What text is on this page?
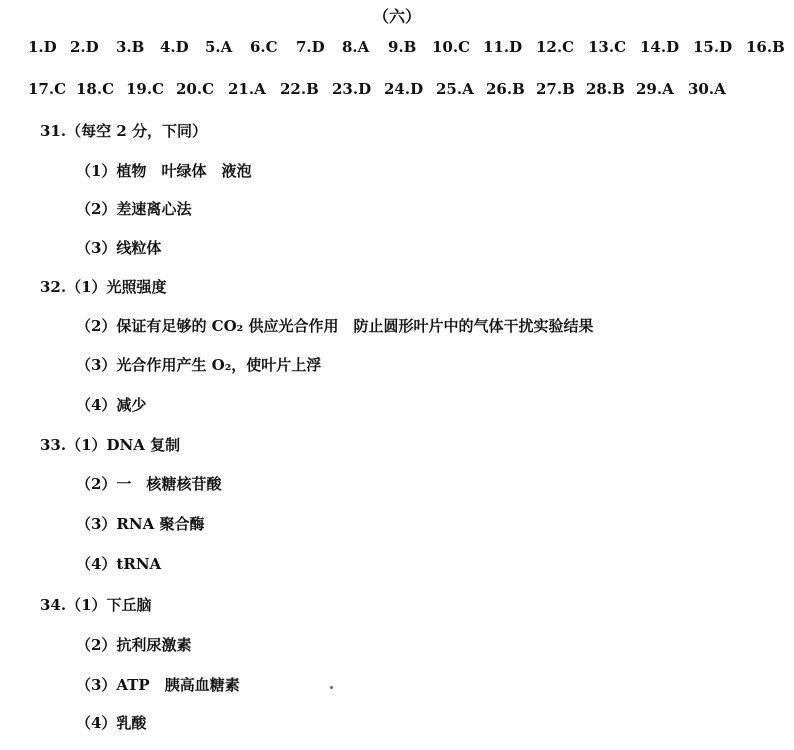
（六）
1.D 2.D 3.B 4.D 5.A 6.C 7.D 8.A 9.B 10.C 11.D 12.C 13.C 14.D 15.D 16.B
17.C 18.C 19.C 20.C 21.A 22.B 23.D 24.D 25.A 26.B 27.B 28.B 29.A 30.A
31.（每空 2 分，下同）
（1）植物　叶绿体　液泡
（2）差速离心法
（3）线粒体
32.（1）光照强度
（2）保证有足够的 CO₂ 供应光合作用　防止圆形叶片中的气体干扰实验结果
（3）光合作用产生 O₂，使叶片上浮
（4）减少
33.（1）DNA 复制
（2）一　核糖核苷酸
（3）RNA 聚合酶
（4）tRNA
34.（1）下丘脑
（2）抗利尿激素
（3）ATP　胰高血糖素
（4）乳酸
